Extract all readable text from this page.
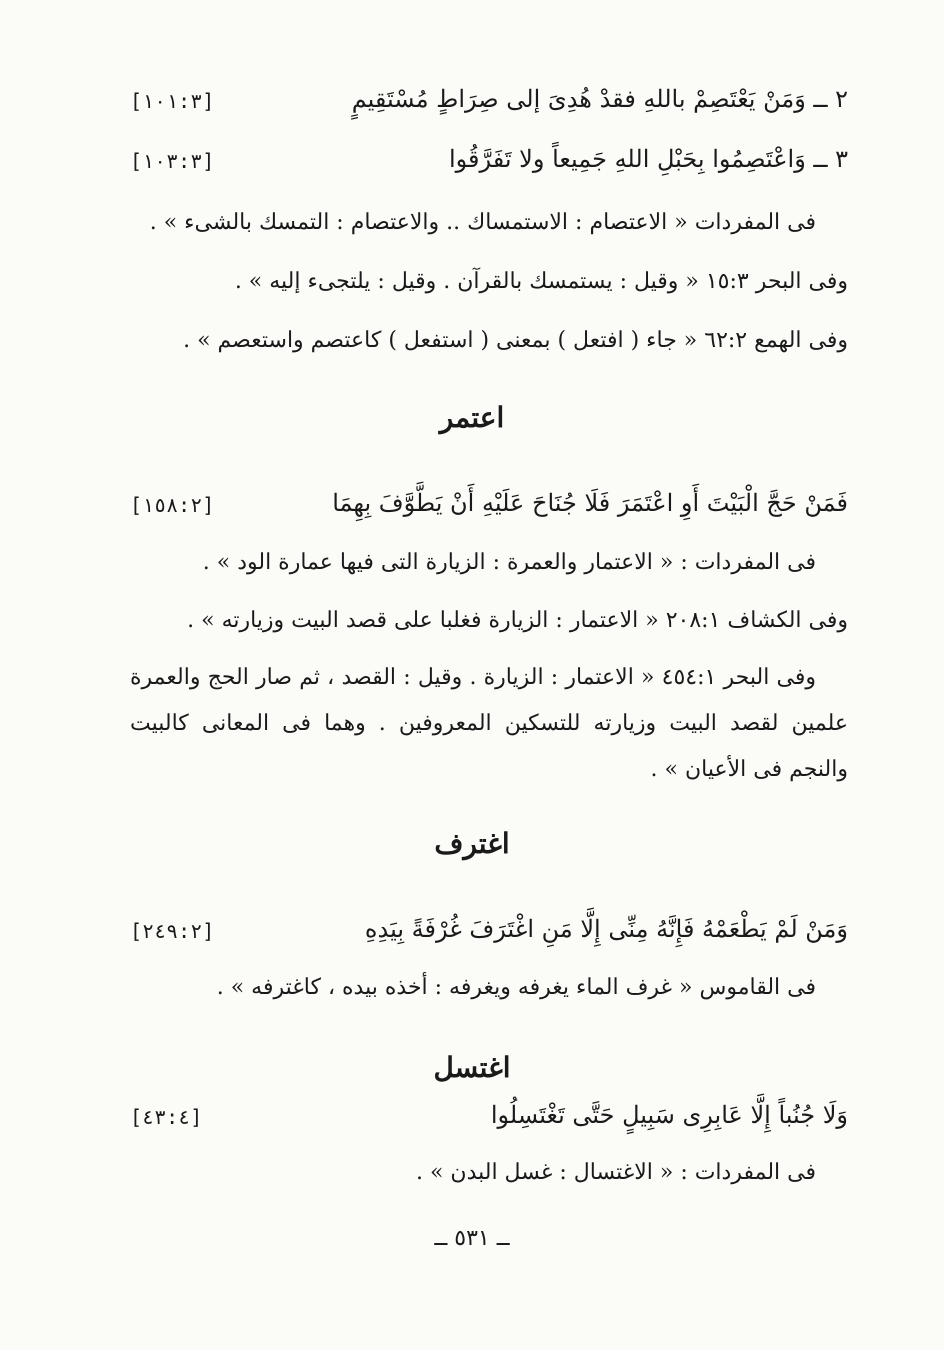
٢ ــ وَمَنْ يَعْتَصِمْ باللهِ فقدْ هُدِىَ إلى صِرَاطٍ مُسْتَقِيمٍ
[١٠١:٣]
٣ ــ وَاعْتَصِمُوا بِحَبْلِ اللهِ جَمِيعاً ولا تَفَرَّقُوا
[١٠٣:٣]
فى المفردات « الاعتصام : الاستمساك .. والاعتصام : التمسك بالشىء » .
وفى البحر ١٥:٣ « وقيل : يستمسك بالقرآن . وقيل : يلتجىء إليه » .
وفى الهمع ٦٢:٢ « جاء ( افتعل ) بمعنى ( استفعل ) كاعتصم واستعصم » .
اعتمر
فَمَنْ حَجَّ الْبَيْتَ أَوِ اعْتَمَرَ فَلَا جُنَاحَ عَلَيْهِ أَنْ يَطَّوَّفَ بِهِمَا
[١٥٨:٢]
فى المفردات : « الاعتمار والعمرة : الزيارة التى فيها عمارة الود » .
وفى الكشاف ٢٠٨:١ « الاعتمار : الزيارة فغلبا على قصد البيت وزيارته » .
وفى البحر ٤٥٤:١ « الاعتمار : الزيارة . وقيل : القصد ، ثم صار الحج والعمرة علمين لقصد البيت وزيارته للتسكين المعروفين . وهما فى المعانى كالبيت والنجم فى الأعيان » .
اغترف
وَمَنْ لَمْ يَطْعَمْهُ فَإِنَّهُ مِنِّى إِلَّا مَنِ اغْتَرَفَ غُرْفَةً بِيَدِهِ
[٢٤٩:٢]
فى القاموس « غرف الماء يغرفه ويغرفه : أخذه بيده ، كاغترفه » .
اغتسل
وَلَا جُنُباً إِلَّا عَابِرِى سَبِيلٍ حَتَّى تَغْتَسِلُوا
[٤٣:٤]
فى المفردات : « الاغتسال : غسل البدن » .
ــ ٥٣١ ــ
